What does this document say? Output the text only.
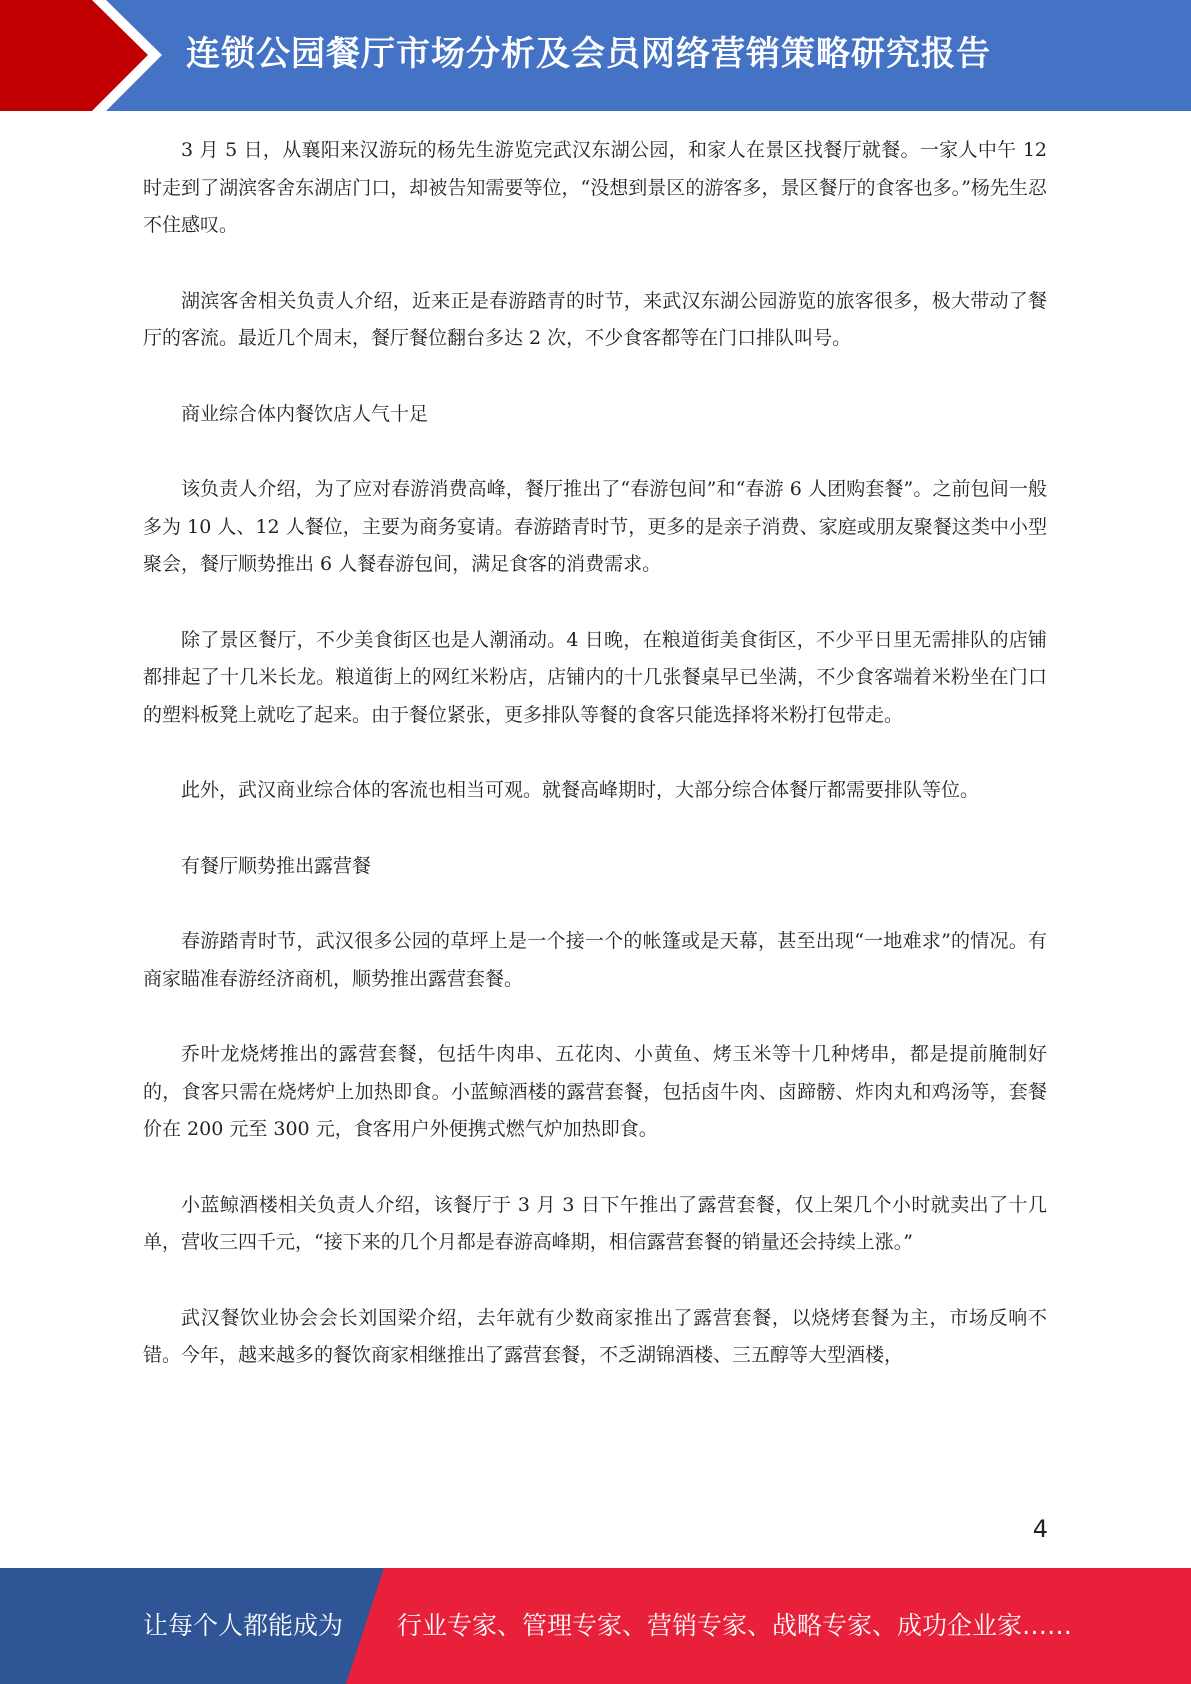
连锁公园餐厅市场分析及会员网络营销策略研究报告

3 月 5 日，从襄阳来汉游玩的杨先生游览完武汉东湖公园，和家人在景区找餐厅就餐。一家人中午 12 时走到了湖滨客舍东湖店门口，却被告知需要等位，“没想到景区的游客多，景区餐厅的食客也多。”杨先生忍不住感叹。

湖滨客舍相关负责人介绍，近来正是春游踏青的时节，来武汉东湖公园游览的旅客很多，极大带动了餐厅的客流。最近几个周末，餐厅餐位翻台多达 2 次，不少食客都等在门口排队叫号。

商业综合体内餐饮店人气十足

该负责人介绍，为了应对春游消费高峰，餐厅推出了“春游包间”和“春游 6 人团购套餐”。之前包间一般多为 10 人、12 人餐位，主要为商务宴请。春游踏青时节，更多的是亲子消费、家庭或朋友聚餐这类中小型聚会，餐厅顺势推出 6 人餐春游包间，满足食客的消费需求。

除了景区餐厅，不少美食街区也是人潮涌动。4 日晚，在粮道街美食街区，不少平日里无需排队的店铺都排起了十几米长龙。粮道街上的网红米粉店，店铺内的十几张餐桌早已坐满，不少食客端着米粉坐在门口的塑料板凳上就吃了起来。由于餐位紧张，更多排队等餐的食客只能选择将米粉打包带走。

此外，武汉商业综合体的客流也相当可观。就餐高峰期时，大部分综合体餐厅都需要排队等位。

有餐厅顺势推出露营餐

春游踏青时节，武汉很多公园的草坪上是一个接一个的帐篷或是天幕，甚至出现“一地难求”的情况。有商家瞄准春游经济商机，顺势推出露营套餐。

乔叶龙烧烤推出的露营套餐，包括牛肉串、五花肉、小黄鱼、烤玉米等十几种烤串，都是提前腌制好的，食客只需在烧烤炉上加热即食。小蓝鲸酒楼的露营套餐，包括卤牛肉、卤蹄髈、炸肉丸和鸡汤等，套餐价在 200 元至 300 元，食客用户外便携式燃气炉加热即食。

小蓝鲸酒楼相关负责人介绍，该餐厅于 3 月 3 日下午推出了露营套餐，仅上架几个小时就卖出了十几单，营收三四千元，“接下来的几个月都是春游高峰期，相信露营套餐的销量还会持续上涨。”

武汉餐饮业协会会长刘国梁介绍，去年就有少数商家推出了露营套餐，以烧烤套餐为主，市场反响不错。今年，越来越多的餐饮商家相继推出了露营套餐，不乏湖锦酒楼、三五醇等大型酒楼，

4
让每个人都能成为 行业专家、管理专家、营销专家、战略专家、成功企业家……
